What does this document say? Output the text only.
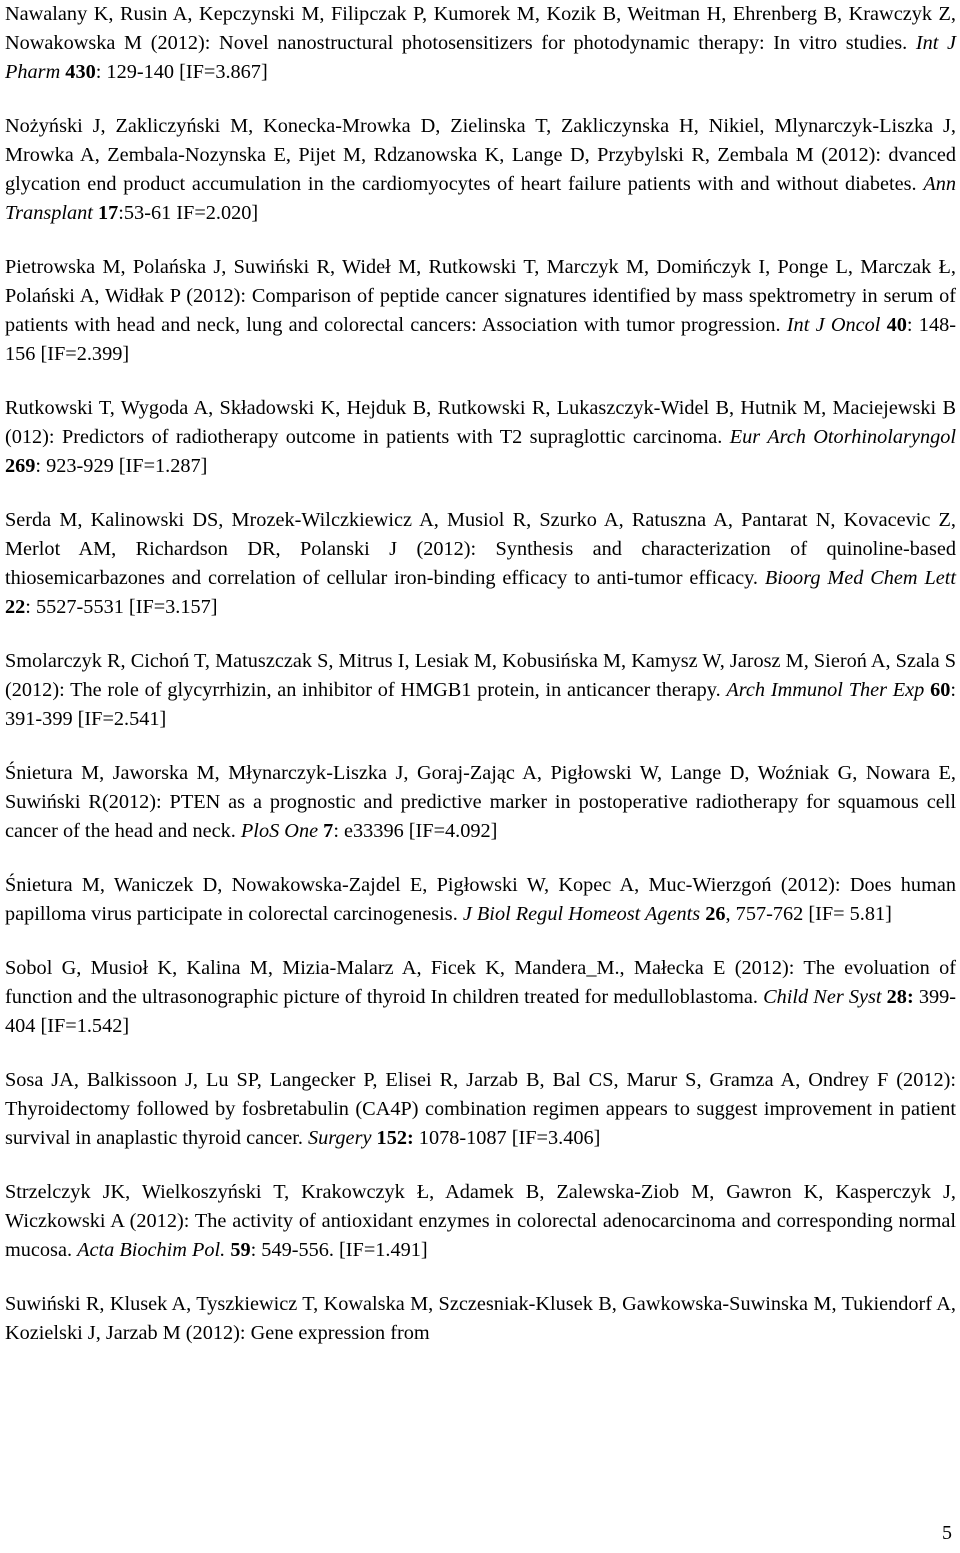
Nawalany K, Rusin A, Kepczynski M, Filipczak P, Kumorek M, Kozik B, Weitman H, Ehrenberg B, Krawczyk Z, Nowakowska M (2012): Novel nanostructural photosensitizers for photodynamic therapy: In vitro studies. Int J Pharm 430: 129-140 [IF=3.867]

Nożyński J, Zakliczyński M, Konecka-Mrowka D, Zielinska T, Zakliczynska H, Nikiel, Mlynarczyk-Liszka J, Mrowka A, Zembala-Nozynska E, Pijet M, Rdzanowska K, Lange D, Przybylski R, Zembala M (2012): dvanced glycation end product accumulation in the cardiomyocytes of heart failure patients with and without diabetes. Ann Transplant 17:53-61 IF=2.020]

Pietrowska M, Polańska J, Suwiński R, Wideł M, Rutkowski T, Marczyk M, Domińczyk I, Ponge L, Marczak Ł, Polański A, Widłak P (2012): Comparison of peptide cancer signatures identified by mass spektrometry in serum of patients with head and neck, lung and colorectal cancers: Association with tumor progression. Int J Oncol 40: 148-156 [IF=2.399]

Rutkowski T, Wygoda A, Składowski K, Hejduk B, Rutkowski R, Lukaszczyk-Widel B, Hutnik M, Maciejewski B (012): Predictors of radiotherapy outcome in patients with T2 supraglottic carcinoma. Eur Arch Otorhinolaryngol 269: 923-929 [IF=1.287]

Serda M, Kalinowski DS, Mrozek-Wilczkiewicz A, Musiol R, Szurko A, Ratuszna A, Pantarat N, Kovacevic Z, Merlot AM, Richardson DR, Polanski J (2012): Synthesis and characterization of quinoline-based thiosemicarbazones and correlation of cellular iron-binding efficacy to anti-tumor efficacy. Bioorg Med Chem Lett 22: 5527-5531 [IF=3.157]

Smolarczyk R, Cichoń T, Matuszczak S, Mitrus I, Lesiak M, Kobusińska M, Kamysz W, Jarosz M, Sieroń A, Szala S (2012): The role of glycyrrhizin, an inhibitor of HMGB1 protein, in anticancer therapy. Arch Immunol Ther Exp 60: 391-399 [IF=2.541]

Śnietura M, Jaworska M, Młynarczyk-Liszka J, Goraj-Zając A, Pigłowski W, Lange D, Woźniak G, Nowara E, Suwiński R(2012): PTEN as a prognostic and predictive marker in postoperative radiotherapy for squamous cell cancer of the head and neck. PloS One 7: e33396 [IF=4.092]

Śnietura M, Waniczek D, Nowakowska-Zajdel E, Pigłowski W, Kopec A, Muc-Wierzgoń (2012): Does human papilloma virus participate in colorectal carcinogenesis. J Biol Regul Homeost Agents 26, 757-762 [IF= 5.81]

Sobol G, Musioł K, Kalina M, Mizia-Malarz A, Ficek K, Mandera_M., Małecka E (2012): The evoluation of function and the ultrasonographic picture of thyroid In children treated for medulloblastoma. Child Ner Syst 28: 399-404 [IF=1.542]

Sosa JA, Balkissoon J, Lu SP, Langecker P, Elisei R, Jarzab B, Bal CS, Marur S, Gramza A, Ondrey F (2012): Thyroidectomy followed by fosbretabulin (CA4P) combination regimen appears to suggest improvement in patient survival in anaplastic thyroid cancer. Surgery 152: 1078-1087 [IF=3.406]

Strzelczyk JK, Wielkoszyński T, Krakowczyk Ł, Adamek B, Zalewska-Ziob M, Gawron K, Kasperczyk J, Wiczkowski A (2012): The activity of antioxidant enzymes in colorectal adenocarcinoma and corresponding normal mucosa. Acta Biochim Pol. 59: 549-556. [IF=1.491]

Suwiński R, Klusek A, Tyszkiewicz T, Kowalska M, Szczesniak-Klusek B, Gawkowska-Suwinska M, Tukiendorf A, Kozielski J, Jarzab M (2012): Gene expression from

5
